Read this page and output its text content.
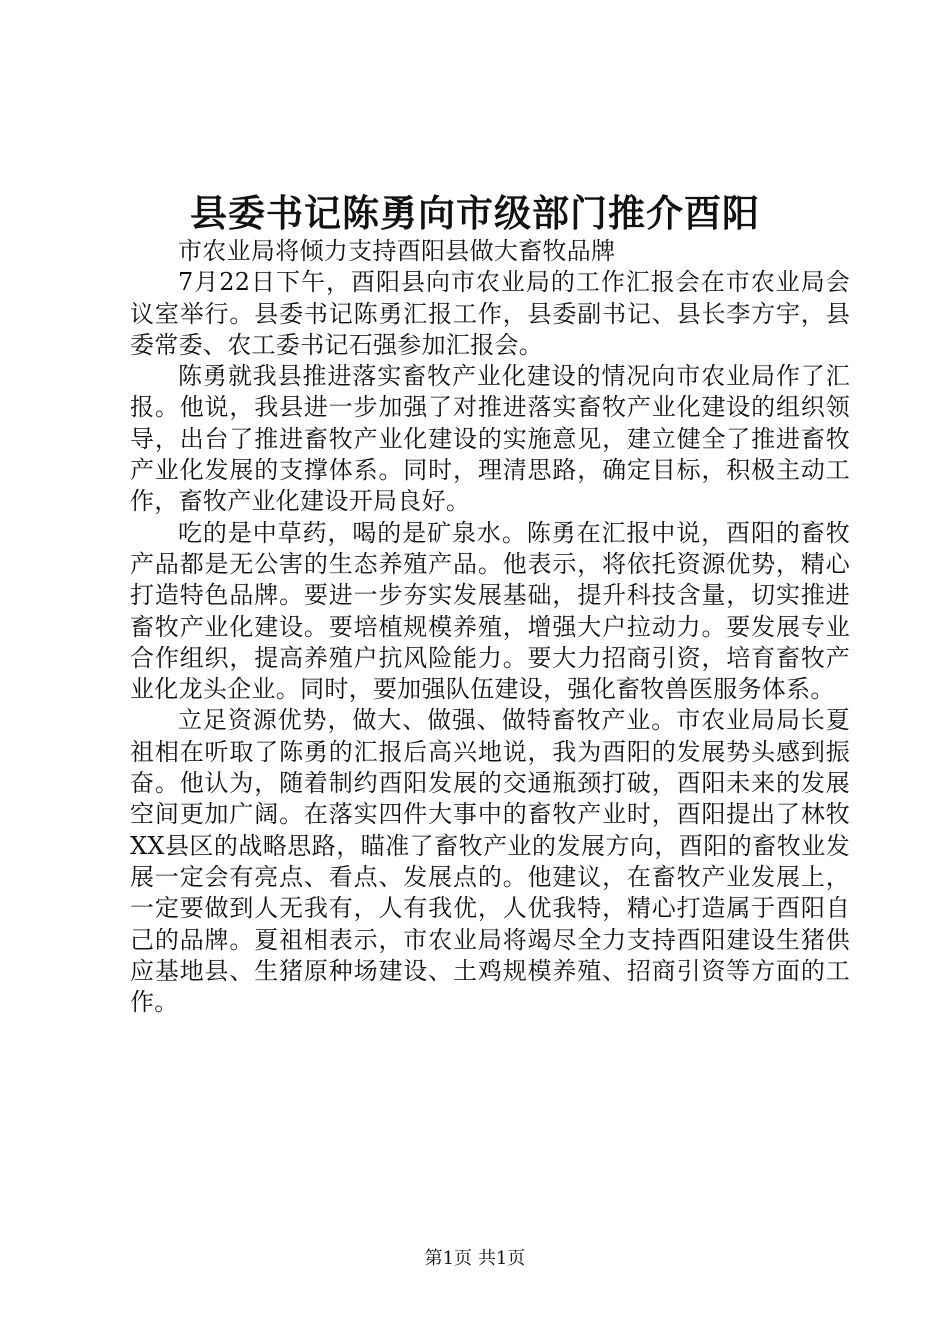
县委书记陈勇向市级部门推介酉阳

市农业局将倾力支持酉阳县做大畜牧品牌

7月22日下午，酉阳县向市农业局的工作汇报会在市农业局会议室举行。县委书记陈勇汇报工作，县委副书记、县长李方宇，县委常委、农工委书记石强参加汇报会。

陈勇就我县推进落实畜牧产业化建设的情况向市农业局作了汇报。他说，我县进一步加强了对推进落实畜牧产业化建设的组织领导，出台了推进畜牧产业化建设的实施意见，建立健全了推进畜牧产业化发展的支撑体系。同时，理清思路，确定目标，积极主动工作，畜牧产业化建设开局良好。

吃的是中草药，喝的是矿泉水。陈勇在汇报中说，酉阳的畜牧产品都是无公害的生态养殖产品。他表示，将依托资源优势，精心打造特色品牌。要进一步夯实发展基础，提升科技含量，切实推进畜牧产业化建设。要培植规模养殖，增强大户拉动力。要发展专业合作组织，提高养殖户抗风险能力。要大力招商引资，培育畜牧产业化龙头企业。同时，要加强队伍建设，强化畜牧兽医服务体系。

立足资源优势，做大、做强、做特畜牧产业。市农业局局长夏祖相在听取了陈勇的汇报后高兴地说，我为酉阳的发展势头感到振奋。他认为，随着制约酉阳发展的交通瓶颈打破，酉阳未来的发展空间更加广阔。在落实四件大事中的畜牧产业时，酉阳提出了林牧XX县区的战略思路，瞄准了畜牧产业的发展方向，酉阳的畜牧业发展一定会有亮点、看点、发展点的。他建议，在畜牧产业发展上，一定要做到人无我有，人有我优，人优我特，精心打造属于酉阳自己的品牌。夏祖相表示，市农业局将竭尽全力支持酉阳建设生猪供应基地县、生猪原种场建设、土鸡规模养殖、招商引资等方面的工作。

第1页 共1页
